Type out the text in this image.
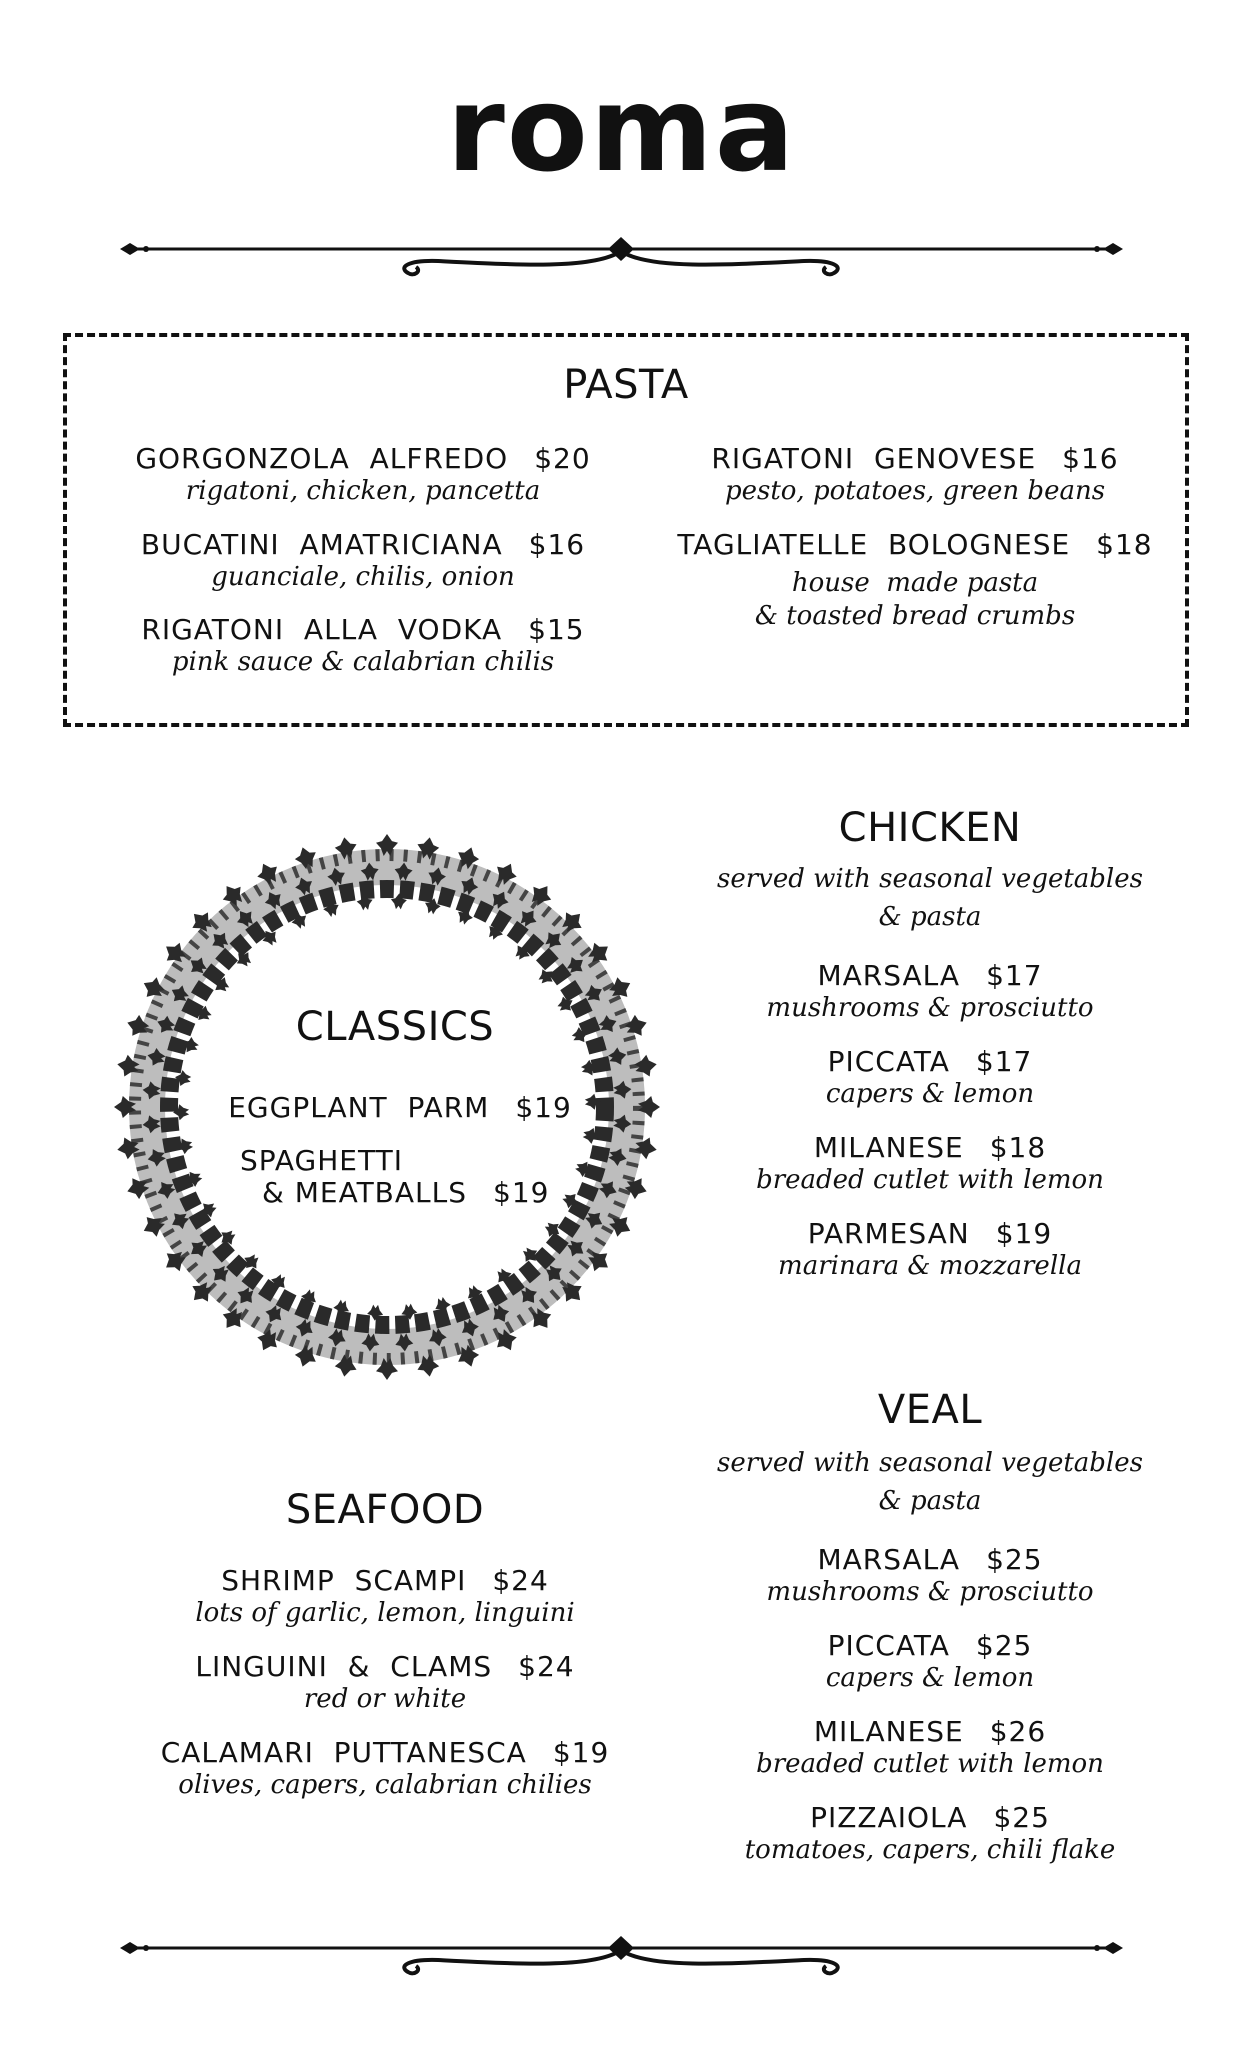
roma
PASTA
GORGONZOLA  ALFREDO $20
rigatoni, chicken, pancetta
BUCATINI  AMATRICIANA $16
guanciale, chilis, onion
RIGATONI  ALLA  VODKA $15
pink sauce & calabrian chilis
RIGATONI  GENOVESE $16
pesto, potatoes, green beans
TAGLIATELLE  BOLOGNESE $18
house  made pasta
& toasted bread crumbs
CLASSICS
EGGPLANT  PARM $19
SPAGHETTI
& MEATBALLS $19
CHICKEN
served with seasonal vegetables
& pasta
MARSALA $17
mushrooms & prosciutto
PICCATA $17
capers & lemon
MILANESE $18
breaded cutlet with lemon
PARMESAN $19
marinara & mozzarella
VEAL
served with seasonal vegetables
& pasta
MARSALA $25
mushrooms & prosciutto
PICCATA $25
capers & lemon
MILANESE $26
breaded cutlet with lemon
PIZZAIOLA $25
tomatoes, capers, chili flake
SEAFOOD
SHRIMP  SCAMPI $24
lots of garlic, lemon, linguini
LINGUINI  &  CLAMS $24
red or white
CALAMARI  PUTTANESCA $19
olives, capers, calabrian chilies
